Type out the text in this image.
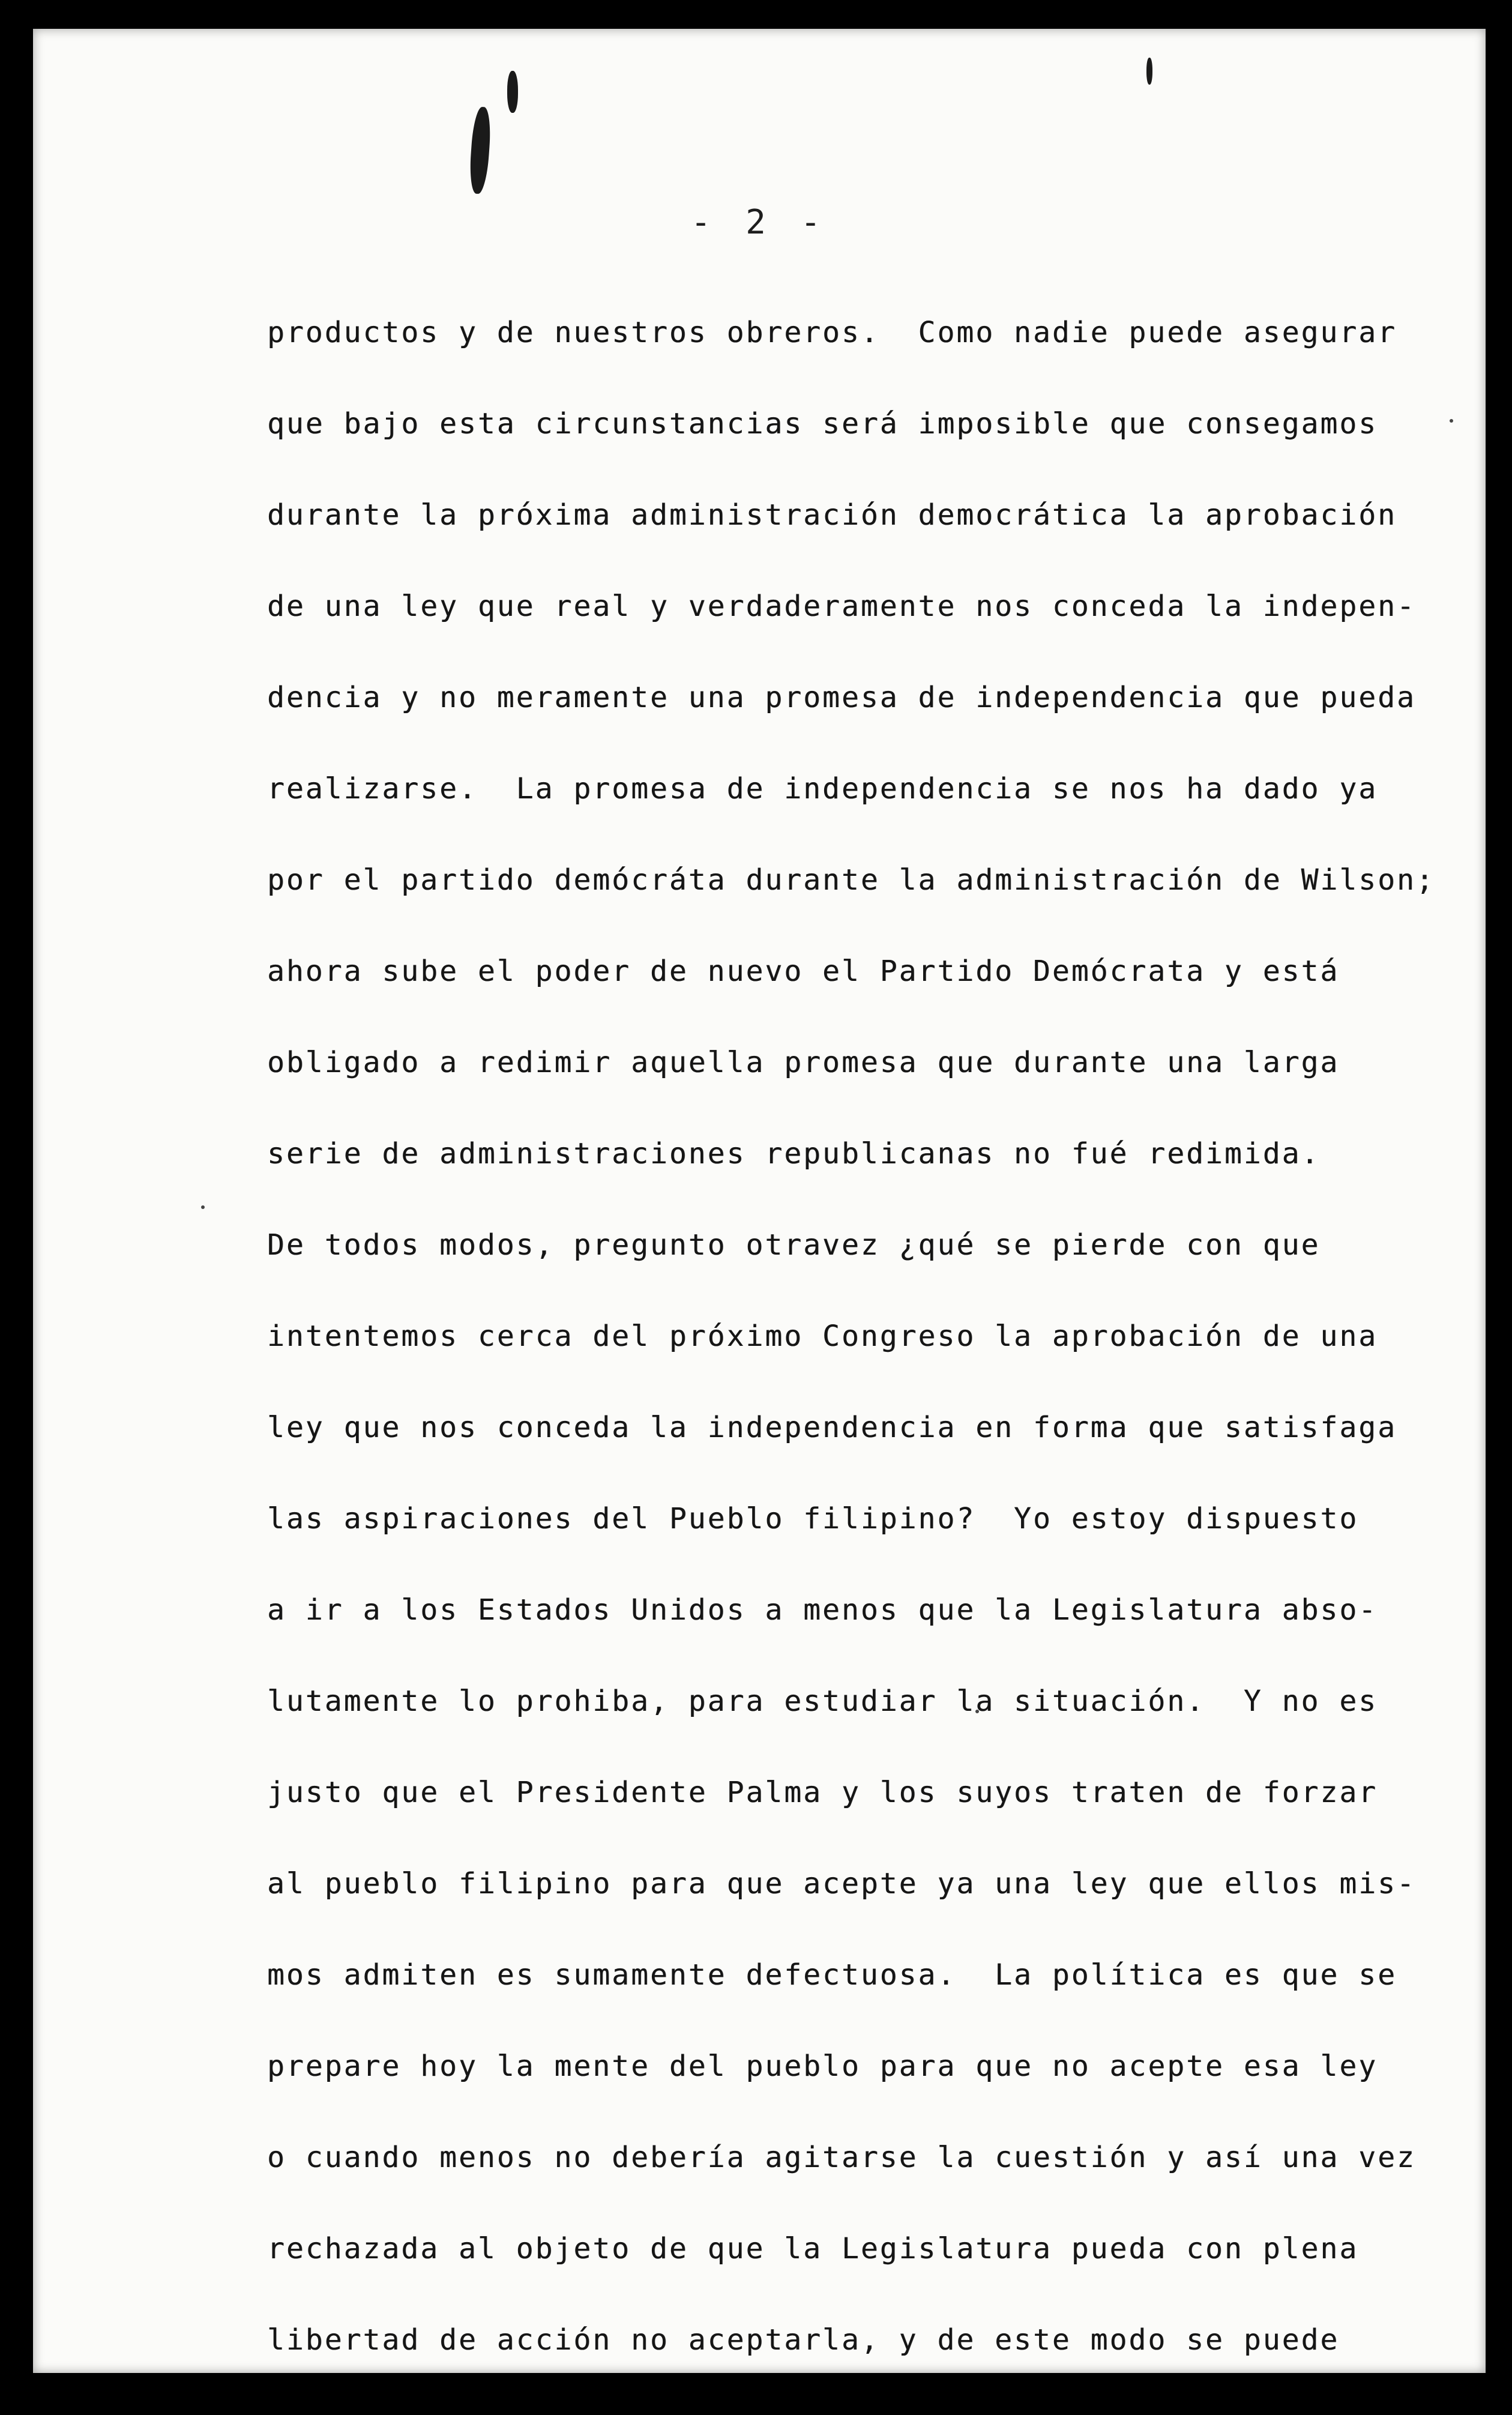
- 2 -
productos y de nuestros obreros.  Como nadie puede asegurar
que bajo esta circunstancias será imposible que consegamos
durante la próxima administración democrática la aprobación
de una ley que real y verdaderamente nos conceda la indepen-
dencia y no meramente una promesa de independencia que pueda
realizarse.  La promesa de independencia se nos ha dado ya
por el partido demócráta durante la administración de Wilson;
ahora sube el poder de nuevo el Partido Demócrata y está
obligado a redimir aquella promesa que durante una larga
serie de administraciones republicanas no fué redimida.
De todos modos, pregunto otravez ¿qué se pierde con que
intentemos cerca del próximo Congreso la aprobación de una
ley que nos conceda la independencia en forma que satisfaga
las aspiraciones del Pueblo filipino?  Yo estoy dispuesto
a ir a los Estados Unidos a menos que la Legislatura abso-
lutamente lo prohiba, para estudiar la situación.  Y no es
justo que el Presidente Palma y los suyos traten de forzar
al pueblo filipino para que acepte ya una ley que ellos mis-
mos admiten es sumamente defectuosa.  La política es que se
prepare hoy la mente del pueblo para que no acepte esa ley
o cuando menos no debería agitarse la cuestión y así una vez
rechazada al objeto de que la Legislatura pueda con plena
libertad de acción no aceptarla, y de este modo se puede
